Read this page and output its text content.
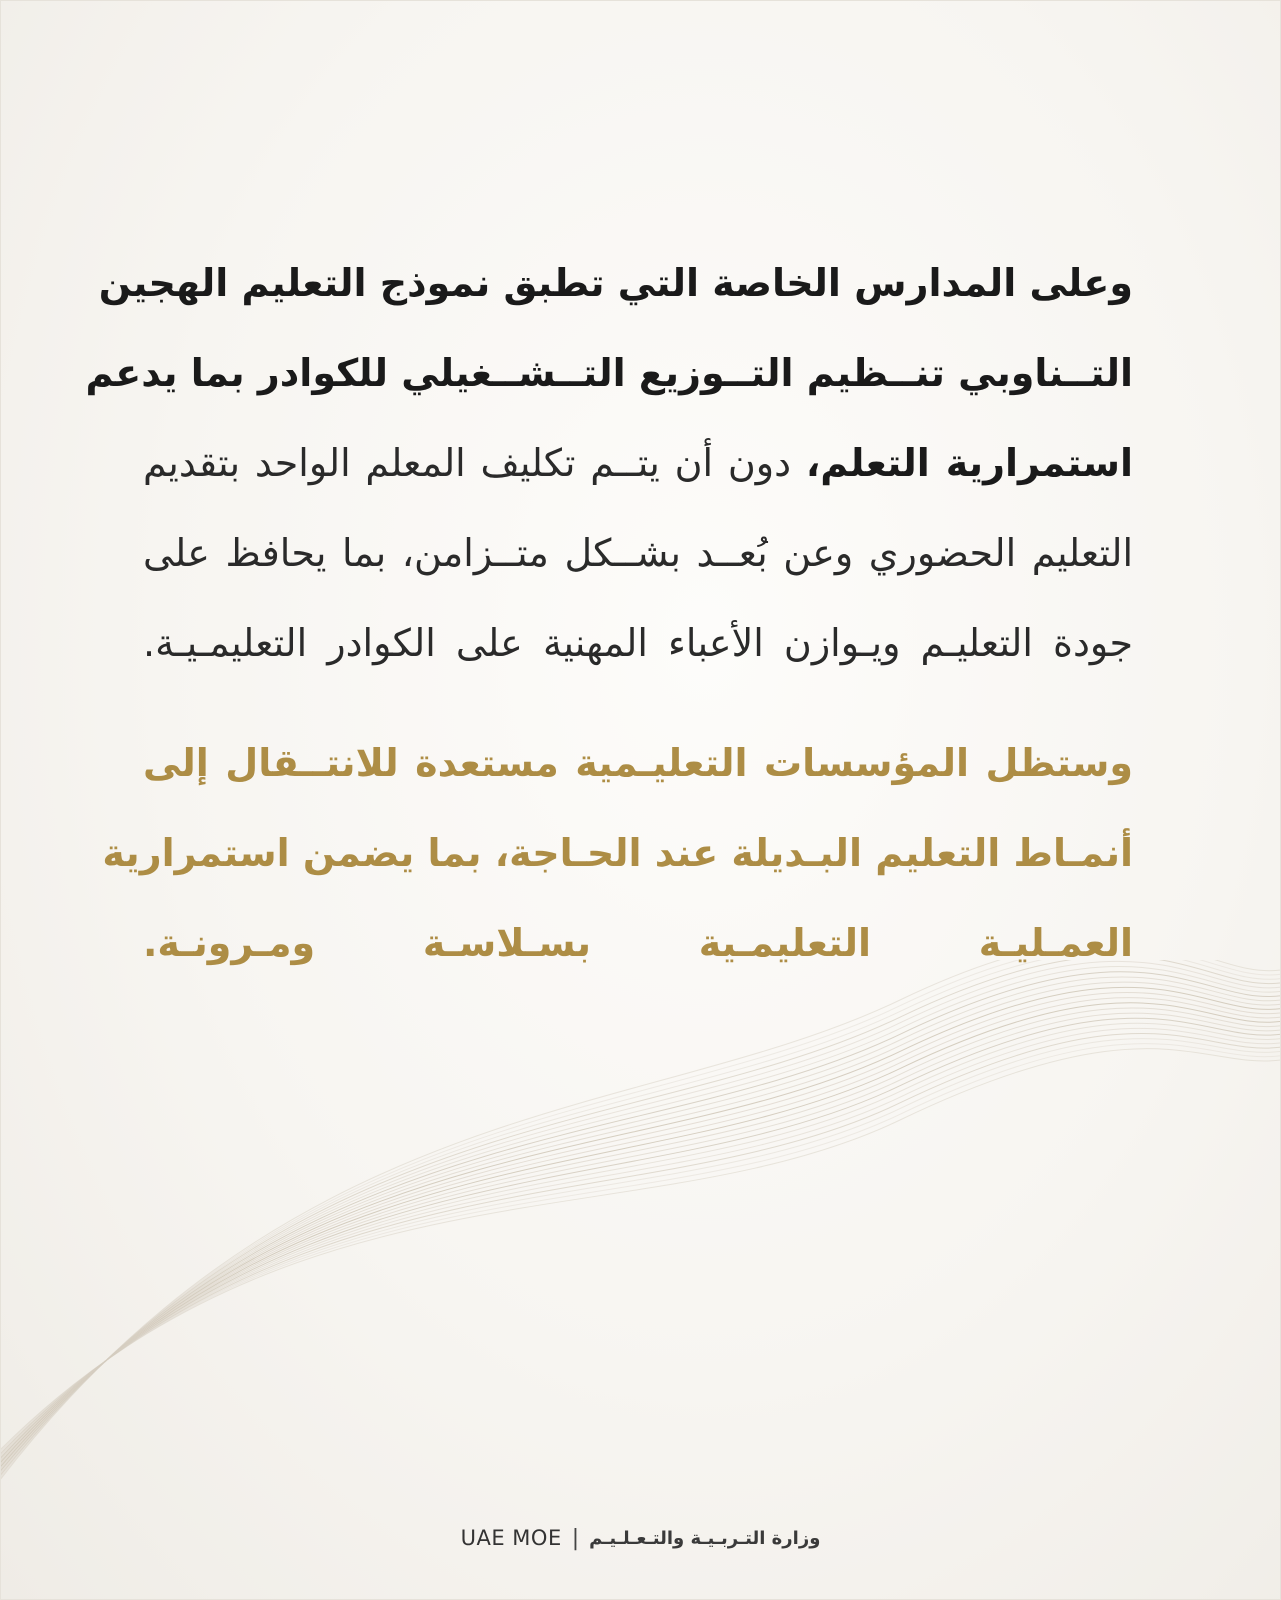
وعلى المدارس الخاصة التي تطبق نموذج التعليم الهجين
التــناوبي تنــظيم التــوزيع التــشــغيلي للكوادر بما يدعم
استمرارية التعلم، دون أن يتــم تكليف المعلم الواحد بتقديم
التعليم الحضوري وعن بُعــد بشــكل متــزامن، بما يحافظ على
جودة التعليـم ويـوازن الأعباء المهنية على الكوادر التعليمـيـة.
وستظل المؤسسات التعليـمية مستعدة للانتــقال إلى
أنمـاط التعليم البـديلة عند الحـاجة، بما يضمن استمرارية
العمـليـة التعليمـية بسـلاسـة ومـرونـة.
UAE MOE | وزارة التـربـيـة والتـعـلـيـم
